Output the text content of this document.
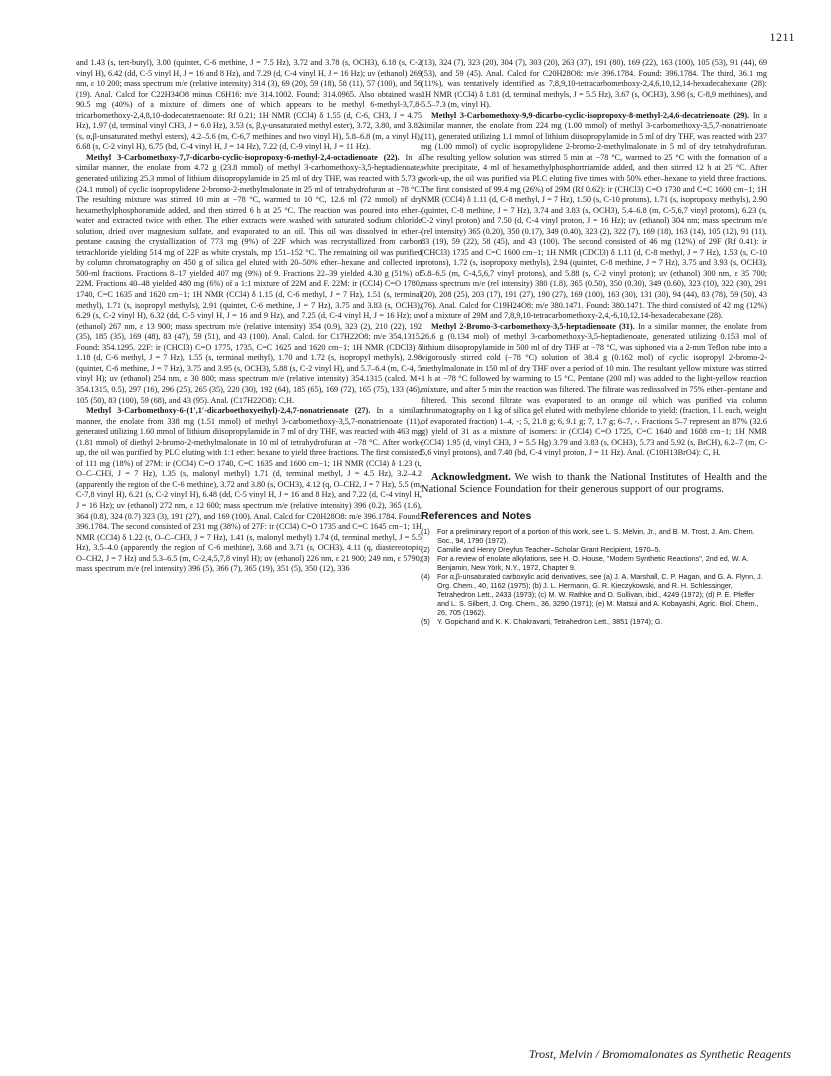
1211

and 1.43 (s, tert-butyl), 3.00 (quintet, C-6 methine, J = 7.5 Hz), 3.72 and 3.78 (s, OCH3), 6.18 (s, C-2 vinyl H), 6.42 (dd, C-5 vinyl H, J = 16 and 8 Hz), and 7.29 (d, C-4 vinyl H, J = 16 Hz); uv (ethanol) 269 nm, ε 10 200; mass spectrum m/e (relative intensity) 314 (3), 69 (20), 59 (18), 58 (11), 57 (100), and 56 (19). Anal. Calcd for C22H34O8 minus C6H16: m/e 314.1002. Found: 314.0965. Also obtained was 90.5 mg (40%) of a mixture of dimers one of which appears to be methyl 6-methyl-3,7,8-tricarbomethoxy-2,4,8,10-dodecatetraenoate: Rf 0.21; 1H NMR (CCl4) δ 1.55 (d, C-6, CH3, J = 4.75 Hz), 1.97 (d, terminal vinyl CH3, J = 6.0 Hz), 3.53 (s, β,γ-unsaturated methyl ester), 3.72, 3.80, and 3.82 (s, α,β-unsaturated methyl esters), 4.2–5.6 (m, C-6,7 methines and two vinyl H), 5.8–6.8 (m, a vinyl H), 6.68 (s, C-2 vinyl H), 6.75 (bd, C-4 vinyl H, J = 14 Hz), 7.22 (d, C-9 vinyl H, J = 11 Hz).

Methyl 3-Carbomethoxy-7,7-dicarbo-cyclic-isopropoxy-6-methyl-2,4-octadienoate (22). In a similar manner, the enolate from 4.72 g (23.8 mmol) of methyl 3-carbomethoxy-3,5-heptadienoate, generated utilizing 25.3 mmol of lithium diisopropylamide in 25 ml of dry THF, was reacted with 5.73 g (24.1 mmol) of cyclic isopropylidene 2-bromo-2-methylmalonate in 25 ml of tetrahydrofuran at −78 °C. The resulting mixture was stirred 10 min at −78 °C, warmed to 10 °C, 12.6 ml (72 mmol) of dry hexamethylphosphoramide added, and then stirred 6 h at 25 °C. The reaction was poured into ether–water and extracted twice with ether. The ether extracts were washed with saturated sodium chloride solution, dried over magnesium sulfate, and evaporated to an oil. This oil was dissolved in ether–pentane causing the crystallization of 773 mg (9%) of 22F which was recrystallized from carbon tetrachloride yielding 514 mg of 22F as white crystals, mp 151–152 °C. The remaining oil was purified by column chromatography on 450 g of silica gel eluted with 20–50% ether–hexane and collected in 500-ml fractions. Fractions 8–17 yielded 407 mg (9%) of 9. Fractions 22–39 yielded 4.30 g (51%) of 22M. Fractions 40–48 yielded 480 mg (6%) of a 1:1 mixture of 22M and F. 22M: ir (CCl4) C=O 1780, 1740, C=C 1635 and 1620 cm−1; 1H NMR (CCl4) δ 1.15 (d, C-6 methyl, J = 7 Hz), 1.51 (s, terminal methyl), 1.71 (s, isopropyl methyls), 2.91 (quintet, C-6 methine, J = 7 Hz), 3.75 and 3.83 (s, OCH3), 6.29 (s, C-2 vinyl H), 6.32 (dd, C-5 vinyl H, J = 16 and 9 Hz), and 7.25 (d, C-4 vinyl H, J = 16 Hz); uv (ethanol) 267 nm, ε 13 900; mass spectrum m/e (relative intensity) 354 (0.9), 323 (2), 210 (22), 192 (35), 185 (35), 169 (48), 83 (47), 59 (51), and 43 (100). Anal. Calcd. for C17H22O8: m/e 354.1315. Found: 354.1295. 22F: ir (CHCl3) C=O 1775, 1735, C=C 1625 and 1620 cm−1; 1H NMR (CDCl3) δ 1.18 (d, C-6 methyl, J = 7 Hz), 1.55 (s, terminal methyl), 1.70 and 1.72 (s, isopropyl methyls), 2.98 (quintet, C-6 methine, J = 7 Hz), 3.75 and 3.95 (s, OCH3), 5.88 (s, C-2 vinyl H), and 5.7–6.4 (m, C-4, 5 vinyl H); uv (ethanol) 254 nm, ε 30 800; mass spectrum m/e (relative intensity) 354.1315 (calcd. M+ 354.1315, 0.5), 297 (16), 296 (25), 265 (35), 220 (30), 192 (64), 185 (65), 169 (72), 165 (75), 133 (46), 105 (50), 83 (100), 59 (68), and 43 (95). Anal. (C17H22O8): C,H.

Methyl 3-Carbomethoxy-6-(1′,1′-dicarboethoxyethyl)-2,4,7-nonatrienoate (27). In a similar manner, the enolate from 338 mg (1.51 mmol) of methyl 3-carbomethoxy-3,5,7-nonatrienoate (11), generated utilizing 1.60 mmol of lithium diisopropylamide in 7 ml of dry THF, was reacted with 463 mg (1.81 mmol) of diethyl 2-bromo-2-methylmalonate in 10 ml of tetrahydrofuran at −78 °C. After work-up, the oil was purified by PLC eluting with 1:1 ether: hexane to yield three fractions. The first consisted of 111 mg (18%) of 27M: ir (CCl4) C=O 1740, C=C 1635 and 1600 cm−1; 1H NMR (CCl4) δ 1.23 (t, O–C–CH3, J = 7 Hz), 1.35 (s, malonyl methyl) 1.71 (d, terminal methyl, J = 4.5 Hz), 3.2–4.2 (apparently the region of the C-6 methine), 3.72 and 3.80 (s, OCH3), 4.12 (q, O–CH2, J = 7 Hz), 5.5 (m, C-7,8 vinyl H), 6.21 (s, C-2 vinyl H), 6.48 (dd, C-5 vinyl H, J = 16 and 8 Hz), and 7.22 (d, C-4 vinyl H, J = 16 Hz); uv (ethanol) 272 nm, ε 12 600; mass spectrum m/e (relative intensity) 396 (0.2), 365 (1.6), 364 (0.8), 324 (0.7) 323 (3), 191 (27), and 169 (100). Anal. Calcd for C20H28O8: m/e 396.1784. Found: 396.1784. The second consisted of 231 mg (38%) of 27F: ir (CCl4) C=O 1735 and C=C 1645 cm−1; 1H NMR (CCl4) δ 1.22 (t, O–C–CH3, J = 7 Hz), 1.41 (s, malonyl methyl) 1.74 (d, terminal methyl, J = 5.5 Hz), 3.5–4.0 (apparently the region of C-6 methine), 3.68 and 3.71 (s, OCH3), 4.11 (q, diastereotopic O–CH2, J = 7 Hz) and 5.3–6.5 (m, C-2,4,5,7,8 vinyl H); uv (ethanol) 226 nm, ε 21 900; 249 nm, ε 5790; mass spectrum m/e (rel intensity) 396 (5), 366 (7), 365 (19), 351 (5), 350 (12), 336

(13), 324 (7), 323 (20), 304 (7), 303 (20), 263 (37), 191 (80), 169 (22), 163 (100), 105 (53), 91 (44), 69 (53), and 59 (45). Anal. Calcd for C20H28O8: m/e 396.1784. Found: 396.1784. The third, 36.1 mg (11%), was tentatively identified as 7,8,9,10-tetracarbomethoxy-2,4,6,10,12,14-hexadecahexane (28): 1H NMR (CCl4) δ 1.81 (d, terminal methyls, J = 5.5 Hz), 3.67 (s, OCH3), 3.98 (s, C-8,9 methines), and 5.5–7.3 (m, vinyl H).

Methyl 3-Carbomethoxy-9,9-dicarbo-cyclic-isopropoxy-8-methyl-2,4,6-decatrienoate (29). In a similar manner, the enolate from 224 mg (1.00 mmol) of methyl 3-carbomethoxy-3,5,7-nonatrienoate (11), generated utilizing 1.1 mmol of lithium diisopropylamide in 5 ml of dry THF, was reacted with 237 mg (1.00 mmol) of cyclic isopropylidene 2-bromo-2-methylmalonate in 5 ml of dry tetrahydrofuran. The resulting yellow solution was stirred 5 min at −78 °C, warmed to 25 °C with the formation of a white precipitate, 4 ml of hexamethylphosphortriamide added, and then stirred 12 h at 25 °C. After work-up, the oil was purified via PLC eluting five times with 50% ether–hexane to yield three fractions. The first consisted of 99.4 mg (26%) of 29M (Rf 0.62): ir (CHCl3) C=O 1730 and C=C 1600 cm−1; 1H NMR (CCl4) δ 1.11 (d, C-8 methyl, J = 7 Hz), 1.50 (s, C-10 protons), 1.71 (s, isopropoxy methyls), 2.90 (quintet, C-8 methine, J = 7 Hz), 3.74 and 3.83 (s, OCH3), 5.4–6.8 (m, C-5,6,7 vinyl protons), 6.23 (s, C-2 vinyl proton) and 7.50 (d, C-4 vinyl proton, J = 16 Hz); uv (ethanol) 304 nm; mass spectrum m/e (rel intensity) 365 (0.20), 350 (0.17), 349 (0.40), 323 (2), 322 (7), 169 (18), 163 (14), 105 (12), 91 (11), 83 (19), 59 (22), 58 (45), and 43 (100). The second consisted of 46 mg (12%) of 29F (Rf 0.41): ir (CHCl3) 1735 and C=C 1600 cm−1; 1H NMR (CDCl3) δ 1.11 (d, C-8 methyl, J = 7 Hz), 1.53 (s, C-10 protons), 1.72 (s, isopropoxy methyls), 2.94 (quintet, C-8 methine, J = 7 Hz), 3.75 and 3.93 (s, OCH3), 5.8–6.5 (m, C-4,5,6,7 vinyl protons), and 5.88 (s, C-2 vinyl proton); uv (ethanol) 300 nm, ε 35 700; mass spectrum m/e (rel intensity) 380 (1.8), 365 (0.50), 350 (0.30), 349 (0.60), 323 (10), 322 (30), 291 (20), 208 (25), 203 (17), 191 (27), 190 (27), 169 (100), 163 (30), 131 (30), 94 (44), 83 (78), 59 (50), 43 (76). Anal. Calcd for C19H24O8: m/e 380.1471. Found: 380.1471. The third consisted of 42 mg (12%) of a mixture of 29M and 7,8,9,10-tetracarbomethoxy-2,4,-6,10,12,14-hexadecahexane (28).

Methyl 2-Bromo-3-carbomethoxy-3,5-heptadienoate (31). In a similar manner, the enolate from 26.6 g (0.134 mol) of methyl 3-carbomethoxy-3,5-heptadienoate, generated utilizing 0.153 mol of lithium diisopropylamide in 500 ml of dry THF at −78 °C, was siphoned via a 2-mm Teflon tube into a vigorously stirred cold (−78 °C) solution of 38.4 g (0.162 mol) of cyclic isopropyl 2-bromo-2-methylmalonate in 150 ml of dry THF over a period of 10 min. The resultant yellow mixture was stirred 1 h at −78 °C followed by warming to 15 °C. Pentane (200 ml) was added to the light-yellow reaction mixture, and after 5 min the reaction was filtered. The filtrate was redissolved in 75% ether–pentane and filtered. This second filtrate was evaporated to an orange oil which was purified via column chromatography on 1 kg of silica gel eluted with methylene chloride to yield: (fraction, 1 l. each, weight of evaporated fraction) 1–4, -; 5, 21.8 g; 6, 9.1 g; 7, 1.7 g; 6–7, -. Fractions 5–7 represent an 87% (32.6 g) yield of 31 as a mixture of isomers: ir (CCl4) C=O 1725, C=C 1640 and 1608 cm−1; 1H NMR (CCl4) 1.95 (d, vinyl CH3, J = 5.5 Hg) 3.79 and 3.83 (s, OCH3), 5.73 and 5.92 (s, BrCH), 6.2–7 (m, C-5,6 vinyl protons), and 7.40 (bd, C-4 vinyl proton, J = 11 Hz). Anal. (C10H13BrO4): C, H.

Acknowledgment. We wish to thank the National Institutes of Health and the National Science Foundation for their generous support of our programs.

References and Notes
(1)	For a preliminary report of a portion of this work, see L. S. Melvin, Jr., and B. M. Trost, J. Am. Chem. Soc., 94, 1790 (1972).
(2)	Camille and Henry Dreyfus Teacher–Scholar Grant Recipient, 1970–5.
(3)	For a review of enolate alkylations, see H. O. House, "Modern Synthetic Reactions", 2nd ed, W. A. Benjamin, New York, N.Y., 1972, Chapter 9.
(4)	For α,β-unsaturated carboxylic acid derivatives, see (a) J. A. Marshall, C. P. Hagan, and G. A. Flynn, J. Org. Chem., 40, 1162 (1975); (b) J. L. Hermann, G. R. Kieczykowski, and R. H. Schlessinger, Tetrahedron Lett., 2433 (1973); (c) M. W. Rathke and D. Sullivan, ibid., 4249 (1972); (d) P. E. Pfeffer and L. S. Silbert, J. Org. Chem., 36, 3290 (1971); (e) M. Matsui and A. Kobayashi, Agric. Biol. Chem., 26, 705 (1962).
(5)	Y. Gopichand and K. K. Chakravarti, Tetrahedron Lett., 3851 (1974); G.
Trost, Melvin / Bromomalonates as Synthetic Reagents
